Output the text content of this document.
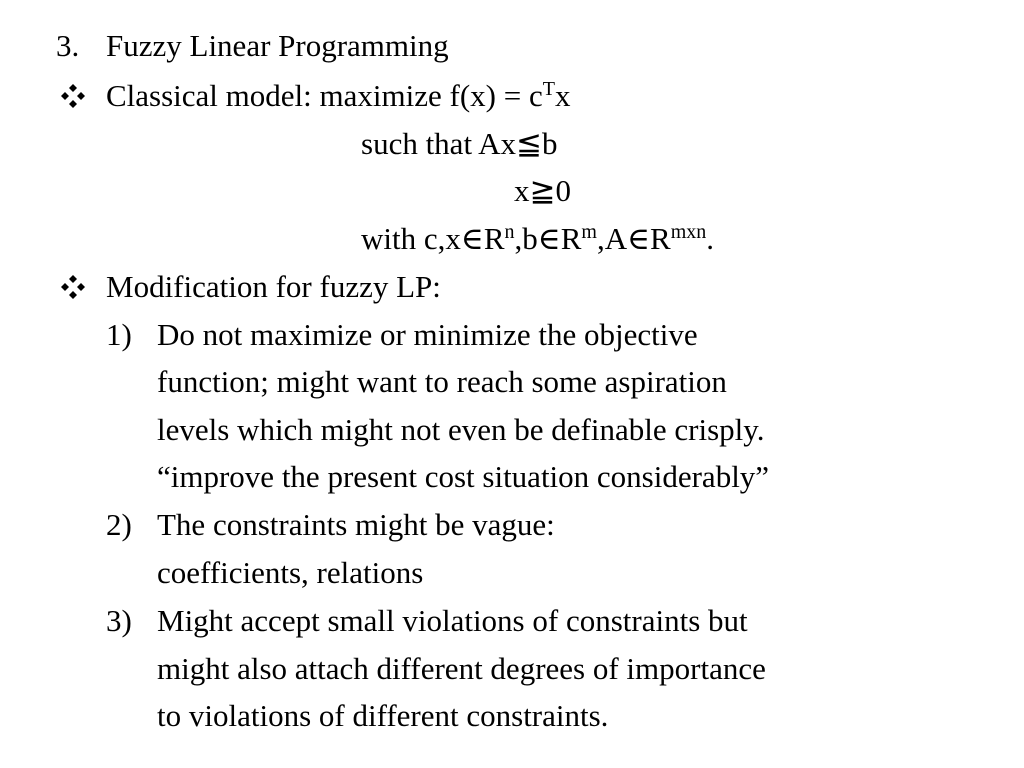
3. Fuzzy Linear Programming
Classical model: maximize $f(x) = c^Tx$
such that Ax≦b
x≧0
with $c,x\in R^n,b\in R^m,A\in R^{mxn}$.
Modification for fuzzy LP:
1) Do not maximize or minimize the objective
function; might want to reach some aspiration
levels which might not even be definable crisply.
“improve the present cost situation considerably”
2) The constraints might be vague:
coefficients, relations
3) Might accept small violations of constraints but
might also attach different degrees of importance
to violations of different constraints.
